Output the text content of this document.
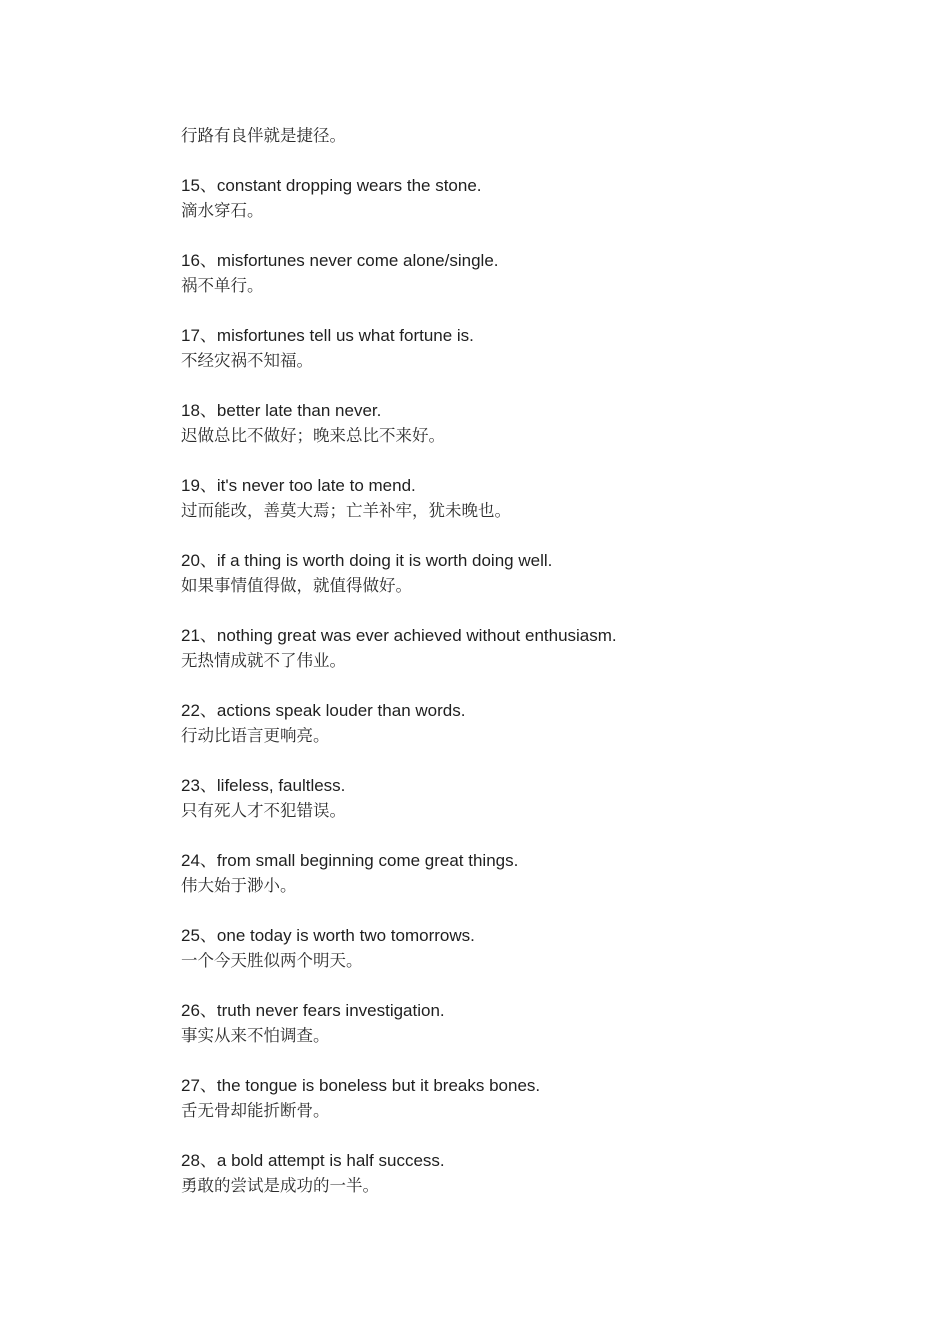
行路有良伴就是捷径。
15、constant dropping wears the stone.
滴水穿石。
16、misfortunes never come alone/single.
祸不单行。
17、misfortunes tell us what fortune is.
不经灾祸不知福。
18、better late than never.
迟做总比不做好；晚来总比不来好。
19、it's never too late to mend.
过而能改，善莫大焉；亡羊补牢，犹未晚也。
20、if a thing is worth doing it is worth doing well.
如果事情值得做，就值得做好。
21、nothing great was ever achieved without enthusiasm.
无热情成就不了伟业。
22、actions speak louder than words.
行动比语言更响亮。
23、lifeless, faultless.
只有死人才不犯错误。
24、from small beginning come great things.
伟大始于渺小。
25、one today is worth two tomorrows.
一个今天胜似两个明天。
26、truth never fears investigation.
事实从来不怕调查。
27、the tongue is boneless but it breaks bones.
舌无骨却能折断骨。
28、a bold attempt is half success.
勇敢的尝试是成功的一半。
